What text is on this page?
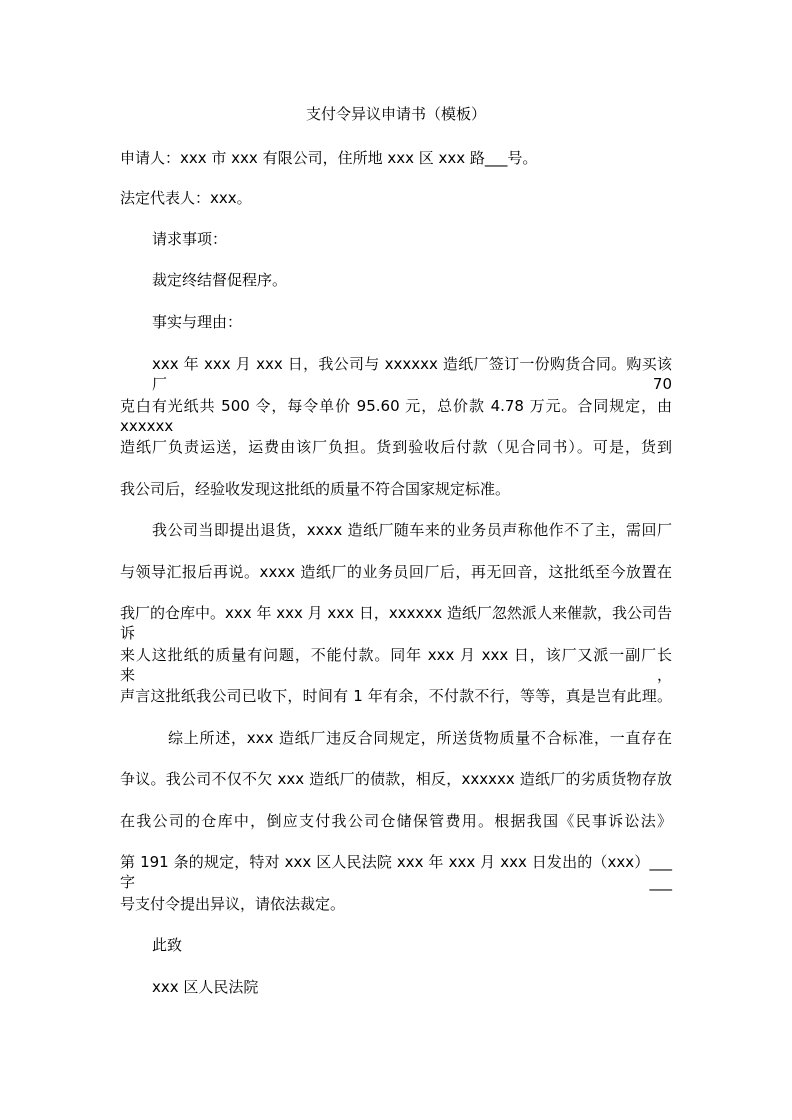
支付令异议申请书（模板）

申请人：xxx 市 xxx 有限公司，住所地 xxx 区 xxx 路___号。

法定代表人：xxx。

请求事项：

裁定终结督促程序。

事实与理由：

xxx 年 xxx 月 xxx 日，我公司与 xxxxxx 造纸厂签订一份购货合同。购买该厂 70

克白有光纸共 500 令，每令单价 95.60 元，总价款 4.78 万元。合同规定，由 xxxxxx

造纸厂负责运送，运费由该厂负担。货到验收后付款（见合同书）。可是，货到

我公司后，经验收发现这批纸的质量不符合国家规定标准。

我公司当即提出退货，xxxx 造纸厂随车来的业务员声称他作不了主，需回厂

与领导汇报后再说。xxxx 造纸厂的业务员回厂后，再无回音，这批纸至今放置在

我厂的仓库中。xxx 年 xxx 月 xxx 日，xxxxxx 造纸厂忽然派人来催款，我公司告诉

来人这批纸的质量有问题，不能付款。同年 xxx 月 xxx 日，该厂又派一副厂长来，

声言这批纸我公司已收下，时间有 1 年有余，不付款不行，等等，真是岂有此理。

综上所述，xxx 造纸厂违反合同规定，所送货物质量不合标准，一直存在

争议。我公司不仅不欠 xxx 造纸厂的债款，相反，xxxxxx 造纸厂的劣质货物存放

在我公司的仓库中，倒应支付我公司仓储保管费用。根据我国《民事诉讼法》

第 191 条的规定，特对 xxx 区人民法院 xxx 年 xxx 月 xxx 日发出的（xxx）___字___

号支付令提出异议，请依法裁定。

此致

xxx 区人民法院
